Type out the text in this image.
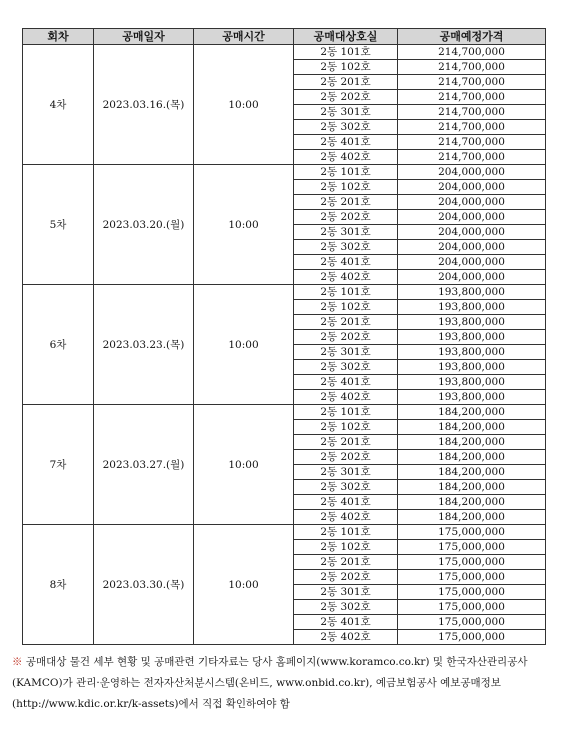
회차	공매일자	공매시간	공매대상호실	공매예정가격
4차	2023.03.16.(목)	10:00	2동 101호	214,700,000
			2동 102호	214,700,000
			2동 201호	214,700,000
			2동 202호	214,700,000
			2동 301호	214,700,000
			2동 302호	214,700,000
			2동 401호	214,700,000
			2동 402호	214,700,000
5차	2023.03.20.(월)	10:00	2동 101호	204,000,000
			2동 102호	204,000,000
			2동 201호	204,000,000
			2동 202호	204,000,000
			2동 301호	204,000,000
			2동 302호	204,000,000
			2동 401호	204,000,000
			2동 402호	204,000,000
6차	2023.03.23.(목)	10:00	2동 101호	193,800,000
			2동 102호	193,800,000
			2동 201호	193,800,000
			2동 202호	193,800,000
			2동 301호	193,800,000
			2동 302호	193,800,000
			2동 401호	193,800,000
			2동 402호	193,800,000
7차	2023.03.27.(월)	10:00	2동 101호	184,200,000
			2동 102호	184,200,000
			2동 201호	184,200,000
			2동 202호	184,200,000
			2동 301호	184,200,000
			2동 302호	184,200,000
			2동 401호	184,200,000
			2동 402호	184,200,000
8차	2023.03.30.(목)	10:00	2동 101호	175,000,000
			2동 102호	175,000,000
			2동 201호	175,000,000
			2동 202호	175,000,000
			2동 301호	175,000,000
			2동 302호	175,000,000
			2동 401호	175,000,000
			2동 402호	175,000,000
※ 공매대상 물건 세부 현황 및 공매관련 기타자료는 당사 홈페이지(www.koramco.co.kr) 및 한국자산관리공사(KAMCO)가 관리·운영하는 전자자산처분시스템(온비드, www.onbid.co.kr), 예금보험공사 예보공매정보(http://www.kdic.or.kr/k-assets)에서 직접 확인하여야 함
